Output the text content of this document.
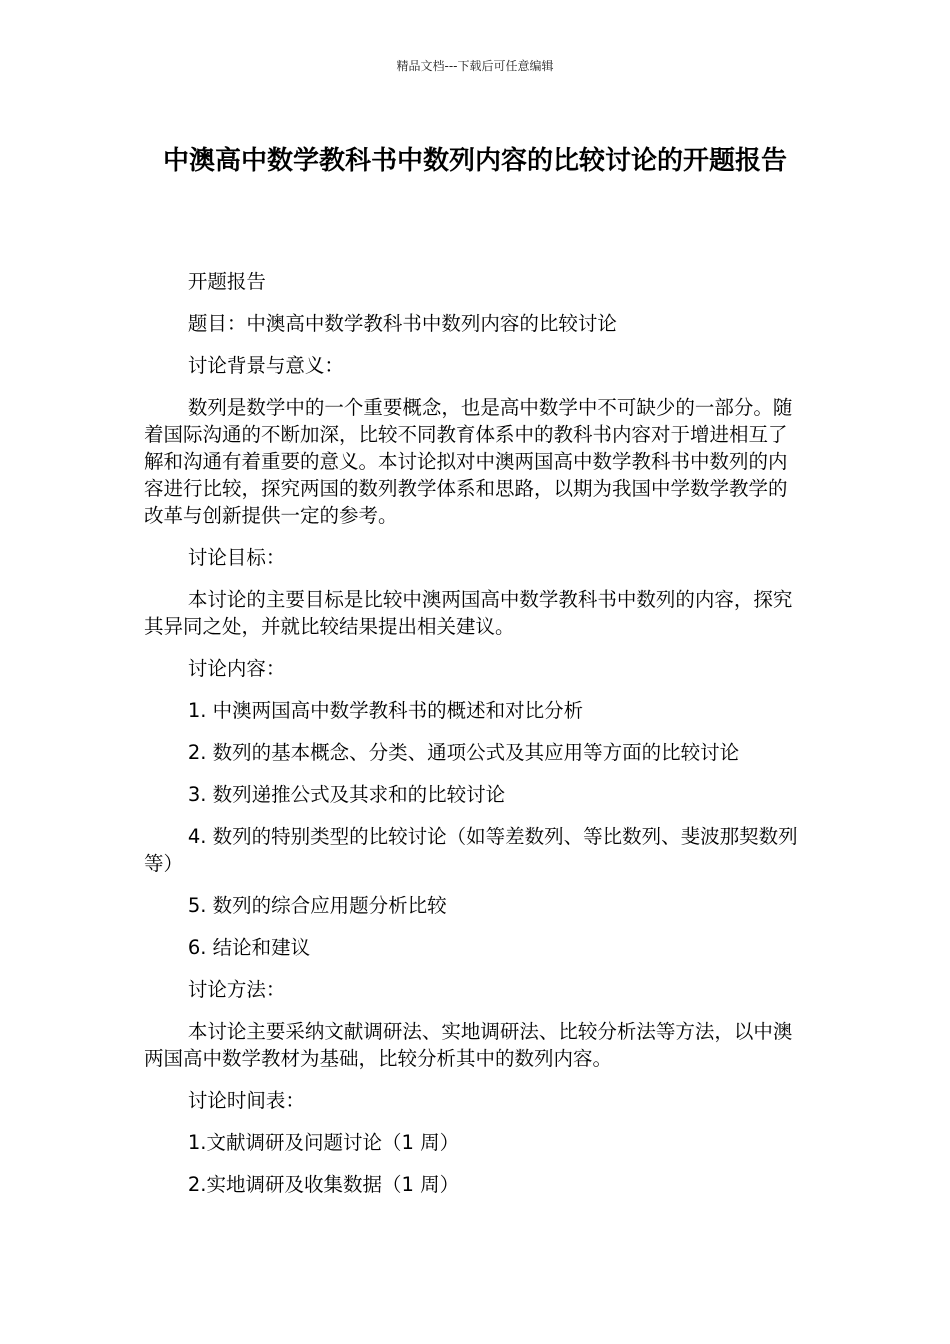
精品文档---下载后可任意编辑
中澳高中数学教科书中数列内容的比较讨论的开题报告

开题报告

题目：中澳高中数学教科书中数列内容的比较讨论

讨论背景与意义：

数列是数学中的一个重要概念，也是高中数学中不可缺少的一部分。随着国际沟通的不断加深，比较不同教育体系中的教科书内容对于增进相互了解和沟通有着重要的意义。本讨论拟对中澳两国高中数学教科书中数列的内容进行比较，探究两国的数列教学体系和思路，以期为我国中学数学教学的改革与创新提供一定的参考。

讨论目标：

本讨论的主要目标是比较中澳两国高中数学教科书中数列的内容，探究其异同之处，并就比较结果提出相关建议。

讨论内容：

1. 中澳两国高中数学教科书的概述和对比分析

2. 数列的基本概念、分类、通项公式及其应用等方面的比较讨论

3. 数列递推公式及其求和的比较讨论

4. 数列的特别类型的比较讨论（如等差数列、等比数列、斐波那契数列等）

5. 数列的综合应用题分析比较

6. 结论和建议

讨论方法：

本讨论主要采纳文献调研法、实地调研法、比较分析法等方法，以中澳两国高中数学教材为基础，比较分析其中的数列内容。

讨论时间表：

1.文献调研及问题讨论（1 周）

2.实地调研及收集数据（1 周）
